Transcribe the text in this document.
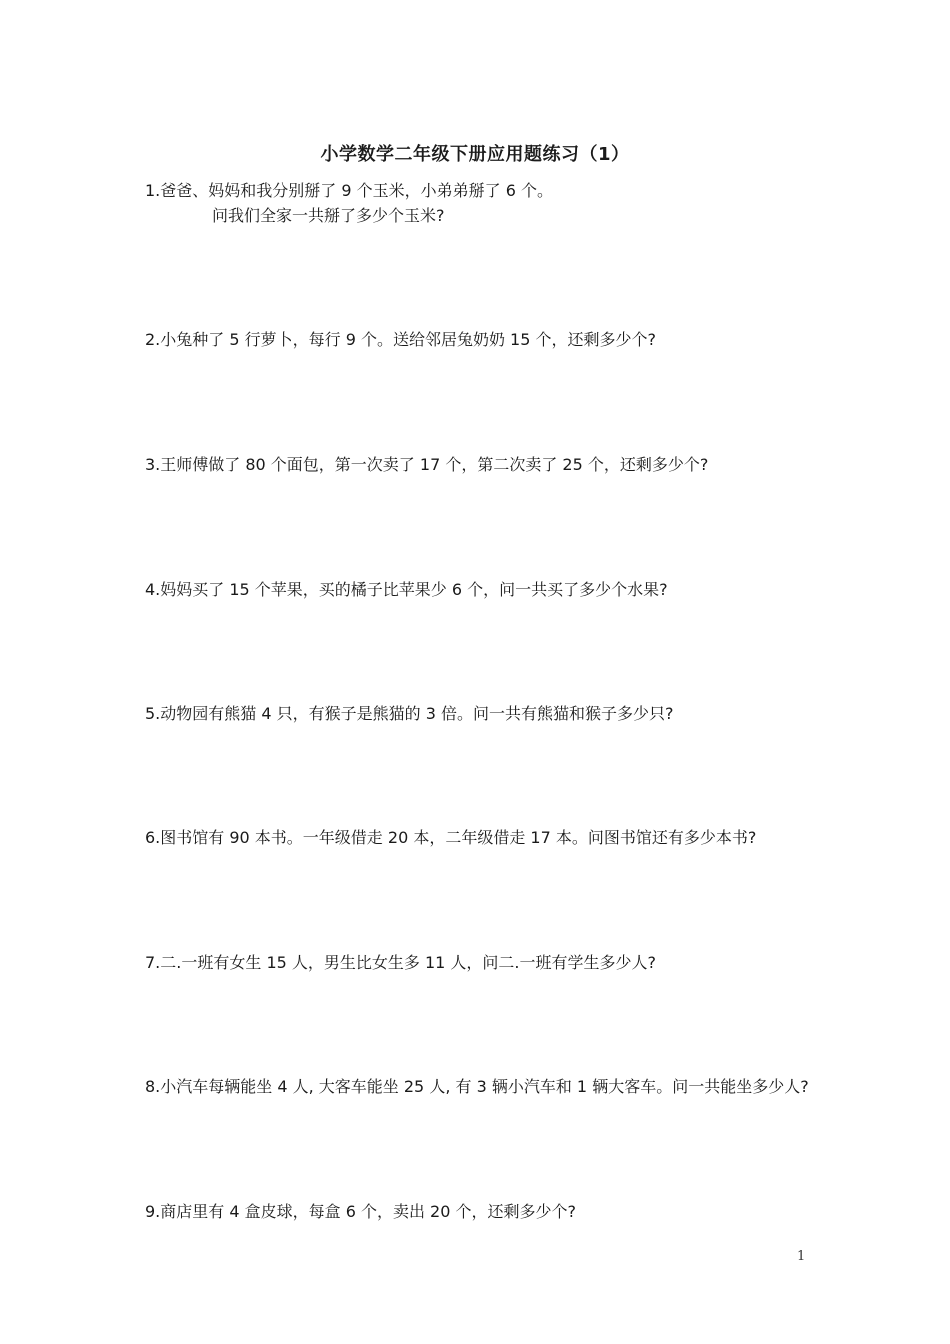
小学数学二年级下册应用题练习（1）
1.爸爸、妈妈和我分别掰了 9 个玉米，小弟弟掰了 6 个。
问我们全家一共掰了多少个玉米?
2.小兔种了 5 行萝卜，每行 9 个。送给邻居兔奶奶 15 个，还剩多少个?
3.王师傅做了 80 个面包，第一次卖了 17 个，第二次卖了 25 个，还剩多少个?
4.妈妈买了 15 个苹果，买的橘子比苹果少 6 个，问一共买了多少个水果?
5.动物园有熊猫 4 只，有猴子是熊猫的 3 倍。问一共有熊猫和猴子多少只?
6.图书馆有 90 本书。一年级借走 20 本，二年级借走 17 本。问图书馆还有多少本书?
7.二.一班有女生 15 人，男生比女生多 11 人，问二.一班有学生多少人?
8.小汽车每辆能坐 4 人, 大客车能坐 25 人, 有 3 辆小汽车和 1 辆大客车。问一共能坐多少人?
9.商店里有 4 盒皮球，每盒 6 个，卖出 20 个，还剩多少个?
1
